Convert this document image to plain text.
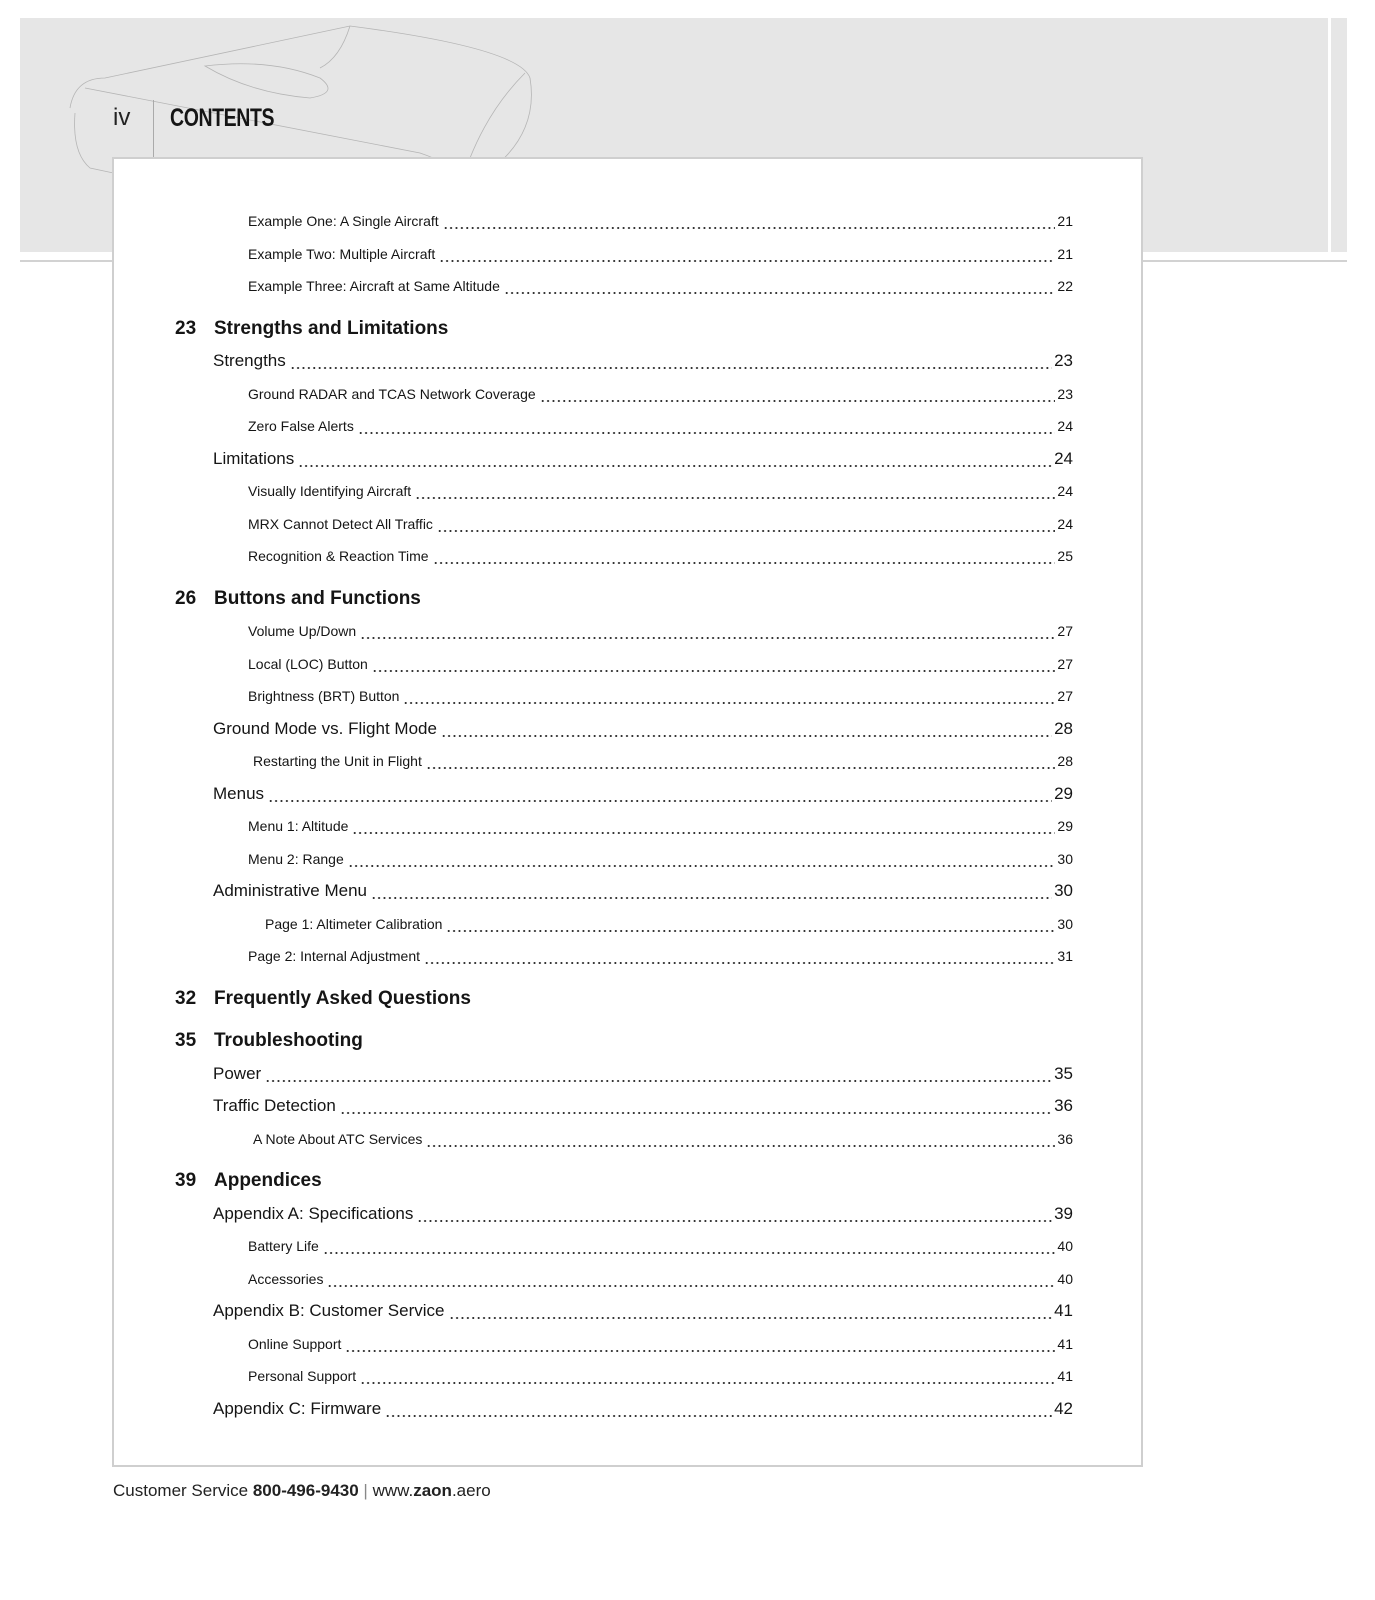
iv CONTENTS
Example One: A Single Aircraft	21
Example Two: Multiple Aircraft	21
Example Three: Aircraft at Same Altitude	22
23 Strengths and Limitations
Strengths	23
Ground RADAR and TCAS Network Coverage	23
Zero False Alerts	24
Limitations	24
Visually Identifying Aircraft	24
MRX Cannot Detect All Traffic	24
Recognition & Reaction Time	25
26 Buttons and Functions
Volume Up/Down	27
Local (LOC) Button	27
Brightness (BRT) Button	27
Ground Mode vs. Flight Mode	28
Restarting the Unit in Flight	28
Menus	29
Menu 1: Altitude	29
Menu 2: Range	30
Administrative Menu	30
Page 1: Altimeter Calibration	30
Page 2: Internal Adjustment	31
32 Frequently Asked Questions
35 Troubleshooting
Power	35
Traffic Detection	36
A Note About ATC Services	36
39 Appendices
Appendix A: Specifications	39
Battery Life	40
Accessories	40
Appendix B: Customer Service	41
Online Support	41
Personal Support	41
Appendix C: Firmware	42
Customer Service 800-496-9430 | www.zaon.aero
